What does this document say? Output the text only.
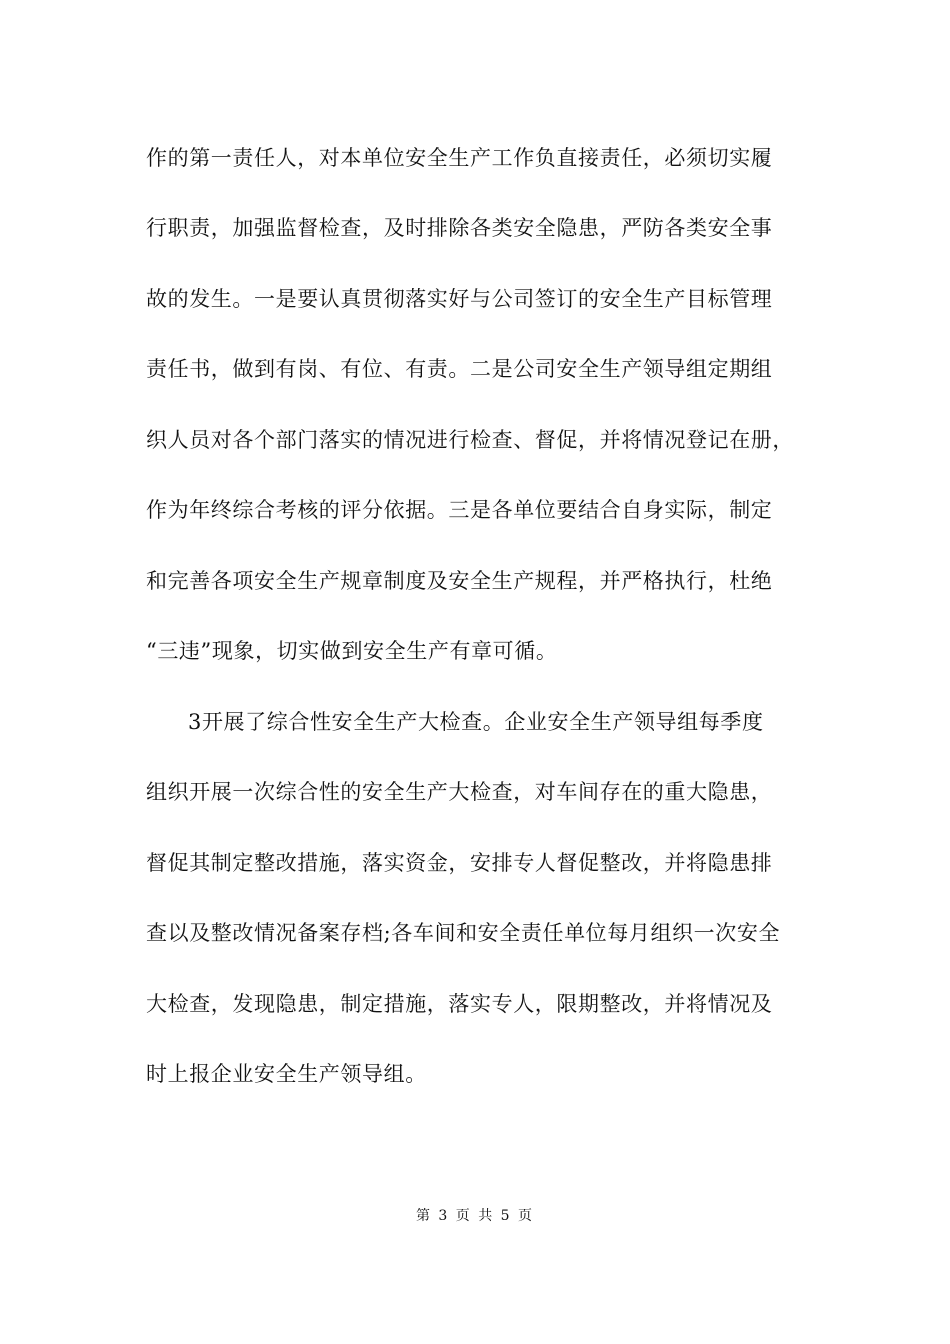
作的第一责任人，对本单位安全生产工作负直接责任，必须切实履
行职责，加强监督检查，及时排除各类安全隐患，严防各类安全事
故的发生。一是要认真贯彻落实好与公司签订的安全生产目标管理
责任书，做到有岗、有位、有责。二是公司安全生产领导组定期组
织人员对各个部门落实的情况进行检查、督促，并将情况登记在册，
作为年终综合考核的评分依据。三是各单位要结合自身实际，制定
和完善各项安全生产规章制度及安全生产规程，并严格执行，杜绝
“三违”现象，切实做到安全生产有章可循。
3开展了综合性安全生产大检查。企业安全生产领导组每季度
组织开展一次综合性的安全生产大检查，对车间存在的重大隐患，
督促其制定整改措施，落实资金，安排专人督促整改，并将隐患排
查以及整改情况备案存档;各车间和安全责任单位每月组织一次安全
大检查，发现隐患，制定措施，落实专人，限期整改，并将情况及
时上报企业安全生产领导组。
第 3 页 共 5 页
